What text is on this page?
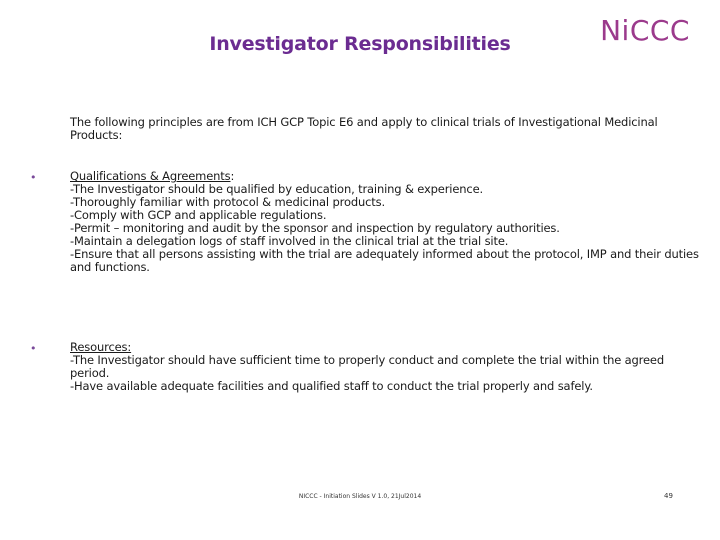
Investigator Responsibilities	NiCCC
The following principles are from ICH GCP Topic E6 and apply to clinical trials of Investigational Medicinal Products:
•	Qualifications & Agreements:
-The Investigator should be qualified by education, training & experience.
-Thoroughly familiar with protocol & medicinal products.
-Comply with GCP and applicable regulations.
-Permit – monitoring and audit by the sponsor and inspection by regulatory authorities.
-Maintain a delegation logs of staff involved in the clinical trial at the trial site.
-Ensure that all persons assisting with the trial are adequately informed about the protocol, IMP and their duties and functions.
•	Resources:
-The Investigator should have sufficient time to properly conduct and complete the trial within the agreed period.
-Have available adequate facilities and qualified staff to conduct the trial properly and safely.
NICCC - Initiation Slides V 1.0, 21Jul2014	49
